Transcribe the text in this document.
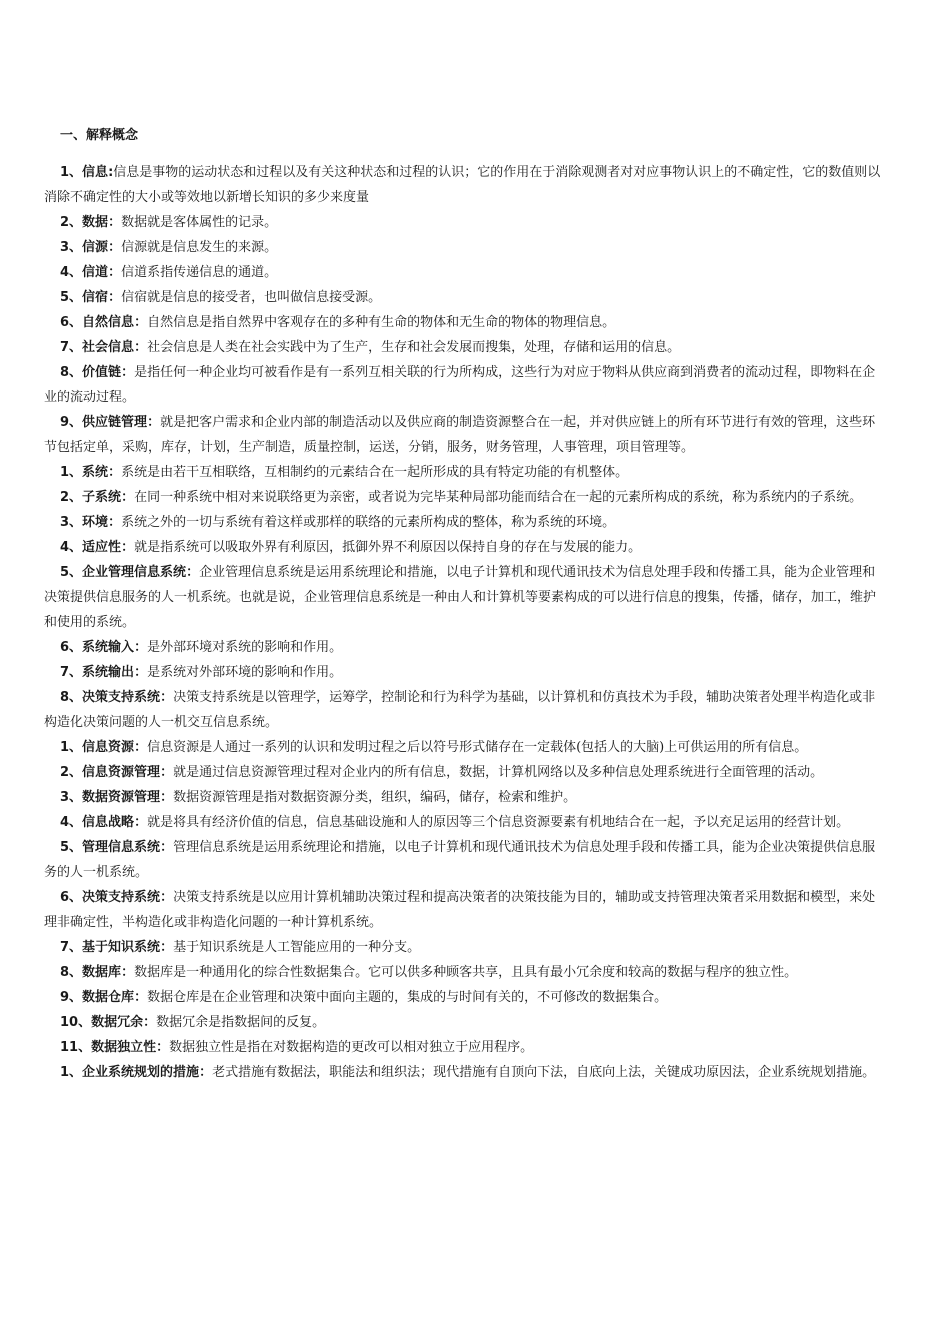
一、解释概念

1、信息:信息是事物的运动状态和过程以及有关这种状态和过程的认识；它的作用在于消除观测者对对应事物认识上的不确定性，它的数值则以消除不确定性的大小或等效地以新增长知识的多少来度量

2、数据：数据就是客体属性的记录。

3、信源：信源就是信息发生的来源。

4、信道：信道系指传递信息的通道。

5、信宿：信宿就是信息的接受者，也叫做信息接受源。

6、自然信息：自然信息是指自然界中客观存在的多种有生命的物体和无生命的物体的物理信息。

7、社会信息：社会信息是人类在社会实践中为了生产，生存和社会发展而搜集，处理，存储和运用的信息。

8、价值链：是指任何一种企业均可被看作是有一系列互相关联的行为所构成，这些行为对应于物料从供应商到消费者的流动过程，即物料在企业的流动过程。

9、供应链管理：就是把客户需求和企业内部的制造活动以及供应商的制造资源整合在一起，并对供应链上的所有环节进行有效的管理，这些环节包括定单，采购，库存，计划，生产制造，质量控制，运送，分销，服务，财务管理，人事管理，项目管理等。

1、系统：系统是由若干互相联络，互相制约的元素结合在一起所形成的具有特定功能的有机整体。

2、子系统：在同一种系统中相对来说联络更为亲密，或者说为完毕某种局部功能而结合在一起的元素所构成的系统，称为系统内的子系统。

3、环境：系统之外的一切与系统有着这样或那样的联络的元素所构成的整体，称为系统的环境。

4、适应性：就是指系统可以吸取外界有利原因，抵御外界不利原因以保持自身的存在与发展的能力。

5、企业管理信息系统：企业管理信息系统是运用系统理论和措施，以电子计算机和现代通讯技术为信息处理手段和传播工具，能为企业管理和决策提供信息服务的人一机系统。也就是说，企业管理信息系统是一种由人和计算机等要素构成的可以进行信息的搜集，传播，储存，加工，维护和使用的系统。

6、系统输入：是外部环境对系统的影响和作用。

7、系统输出：是系统对外部环境的影响和作用。

8、决策支持系统：决策支持系统是以管理学，运筹学，控制论和行为科学为基础，以计算机和仿真技术为手段，辅助决策者处理半构造化或非构造化决策问题的人一机交互信息系统。

1、信息资源：信息资源是人通过一系列的认识和发明过程之后以符号形式储存在一定载体(包括人的大脑)上可供运用的所有信息。

2、信息资源管理：就是通过信息资源管理过程对企业内的所有信息，数据，计算机网络以及多种信息处理系统进行全面管理的活动。

3、数据资源管理：数据资源管理是指对数据资源分类，组织，编码，储存，检索和维护。

4、信息战略：就是将具有经济价值的信息，信息基础设施和人的原因等三个信息资源要素有机地结合在一起，予以充足运用的经营计划。

5、管理信息系统：管理信息系统是运用系统理论和措施，以电子计算机和现代通讯技术为信息处理手段和传播工具，能为企业决策提供信息服务的人一机系统。

6、决策支持系统：决策支持系统是以应用计算机辅助决策过程和提高决策者的决策技能为目的，辅助或支持管理决策者采用数据和模型，来处理非确定性，半构造化或非构造化问题的一种计算机系统。

7、基于知识系统：基于知识系统是人工智能应用的一种分支。

8、数据库：数据库是一种通用化的综合性数据集合。它可以供多种顾客共享，且具有最小冗余度和较高的数据与程序的独立性。

9、数据仓库：数据仓库是在企业管理和决策中面向主题的，集成的与时间有关的，不可修改的数据集合。

10、数据冗余：数据冗余是指数据间的反复。

11、数据独立性：数据独立性是指在对数据构造的更改可以相对独立于应用程序。

1、企业系统规划的措施：老式措施有数据法，职能法和组织法；现代措施有自顶向下法，自底向上法，关键成功原因法，企业系统规划措施。
